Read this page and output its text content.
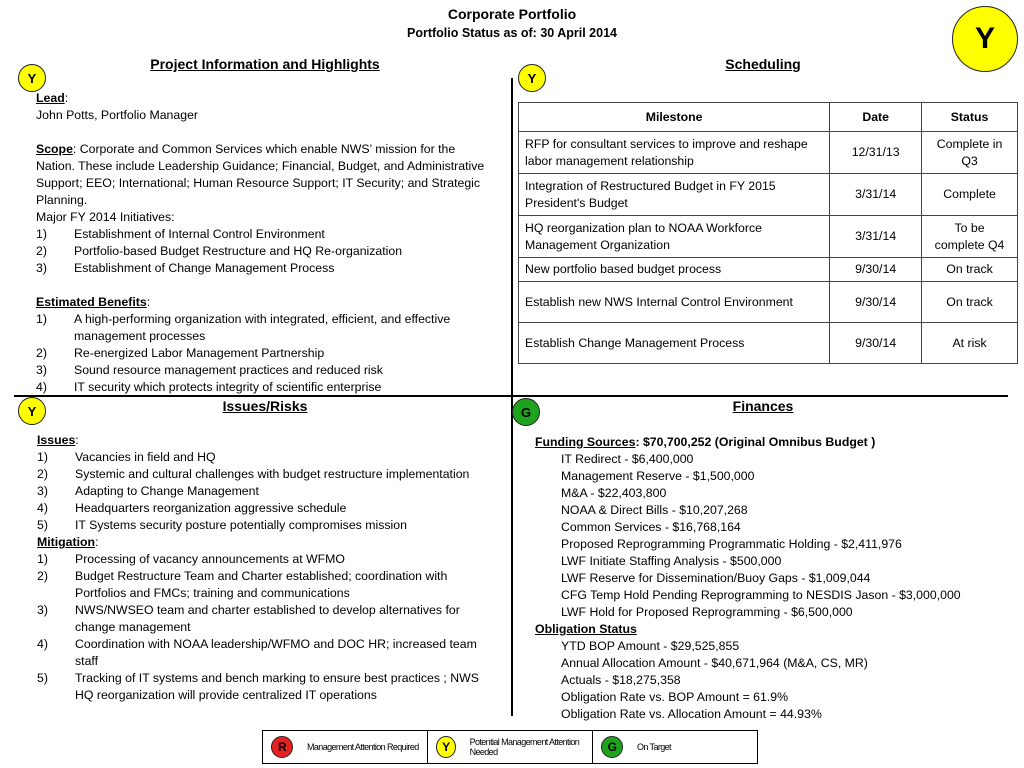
Corporate Portfolio
Portfolio Status as of: 30 April 2014	Y
Y
Project Information and Highlights
Lead:
John Potts, Portfolio Manager
Scope: Corporate and Common Services which enable NWS’ mission for the Nation. These include Leadership Guidance; Financial, Budget, and Administrative Support; EEO; International; Human Resource Support; IT Security; and Strategic Planning.
Major FY 2014 Initiatives:
1)	Establishment of Internal Control Environment
2)	Portfolio-based Budget Restructure and HQ Re-organization
3)	Establishment of Change Management Process
Estimated Benefits:
1)	A high-performing organization with integrated, efficient, and effective management processes
2)	Re-energized Labor Management Partnership
3)	Sound resource management practices and reduced risk
4)	IT security which protects integrity of scientific enterprise
Y
Scheduling
Milestone	Date	Status
RFP for consultant services to improve and reshape labor management relationship	12/31/13	Complete in Q3
Integration of Restructured Budget in FY 2015 President's Budget	3/31/14	Complete
HQ reorganization plan to NOAA Workforce Management Organization	3/31/14	To be complete Q4
New portfolio based budget process	9/30/14	On track
Establish new NWS Internal Control Environment	9/30/14	On track
Establish Change Management Process	9/30/14	At risk
Y	Issues/Risks
Issues:
1)	Vacancies in field and HQ
2)	Systemic and cultural challenges with budget restructure implementation
3)	Adapting to Change Management
4)	Headquarters reorganization aggressive schedule
5)	IT Systems security posture potentially compromises mission
Mitigation:
1)	Processing of vacancy announcements at WFMO
2)	Budget Restructure Team and Charter established; coordination with Portfolios and FMCs; training and communications
3)	NWS/NWSEO team and charter established to develop alternatives for change management
4)	Coordination with NOAA leadership/WFMO and DOC HR; increased team staff
5)	Tracking of IT systems and bench marking to ensure best practices ; NWS HQ reorganization will provide centralized IT operations
G	Finances
Funding Sources: $70,700,252 (Original Omnibus Budget )
IT Redirect - $6,400,000
Management Reserve - $1,500,000
M&A - $22,403,800
NOAA & Direct Bills - $10,207,268
Common Services - $16,768,164
Proposed Reprogramming Programmatic Holding - $2,411,976
LWF Initiate Staffing Analysis - $500,000
LWF Reserve for Dissemination/Buoy Gaps - $1,009,044
CFG Temp Hold Pending Reprogramming to NESDIS Jason - $3,000,000
LWF Hold for Proposed Reprogramming - $6,500,000
Obligation Status
YTD BOP Amount - $29,525,855
Annual Allocation Amount - $40,671,964 (M&A, CS, MR)
Actuals - $18,275,358
Obligation Rate vs. BOP Amount = 61.9%
Obligation Rate vs. Allocation Amount = 44.93%
R	Management Attention Required	Y	Potential Management Attention Needed	G	On Target
